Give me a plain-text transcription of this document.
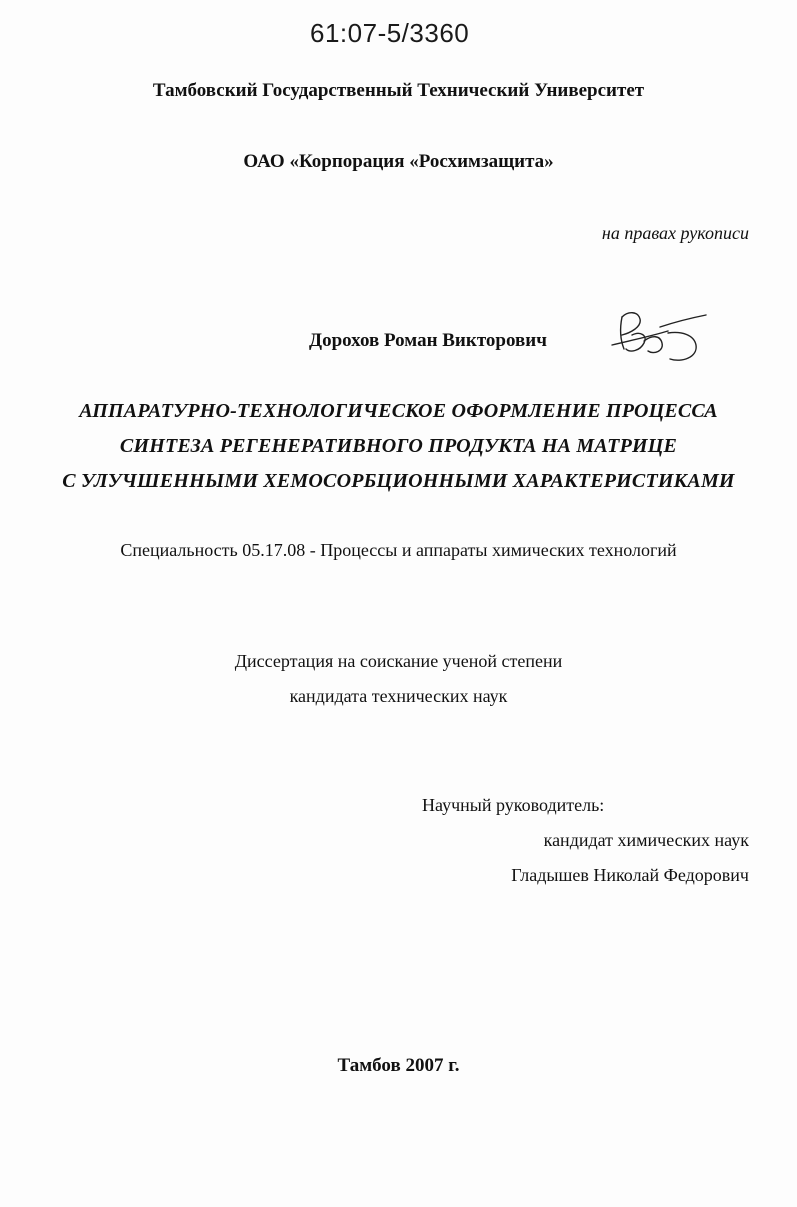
61:07-5/3360
Тамбовский Государственный Технический Университет
ОАО «Корпорация «Росхимзащита»
на правах рукописи
Дорохов Роман Викторович
АППАРАТУРНО-ТЕХНОЛОГИЧЕСКОЕ ОФОРМЛЕНИЕ ПРОЦЕССА
СИНТЕЗА РЕГЕНЕРАТИВНОГО ПРОДУКТА НА МАТРИЦЕ
С УЛУЧШЕННЫМИ ХЕМОСОРБЦИОННЫМИ ХАРАКТЕРИСТИКАМИ
Специальность 05.17.08 - Процессы и аппараты химических технологий
Диссертация на соискание ученой степени
кандидата технических наук
Научный руководитель:
кандидат химических наук
Гладышев Николай Федорович
Тамбов 2007 г.
